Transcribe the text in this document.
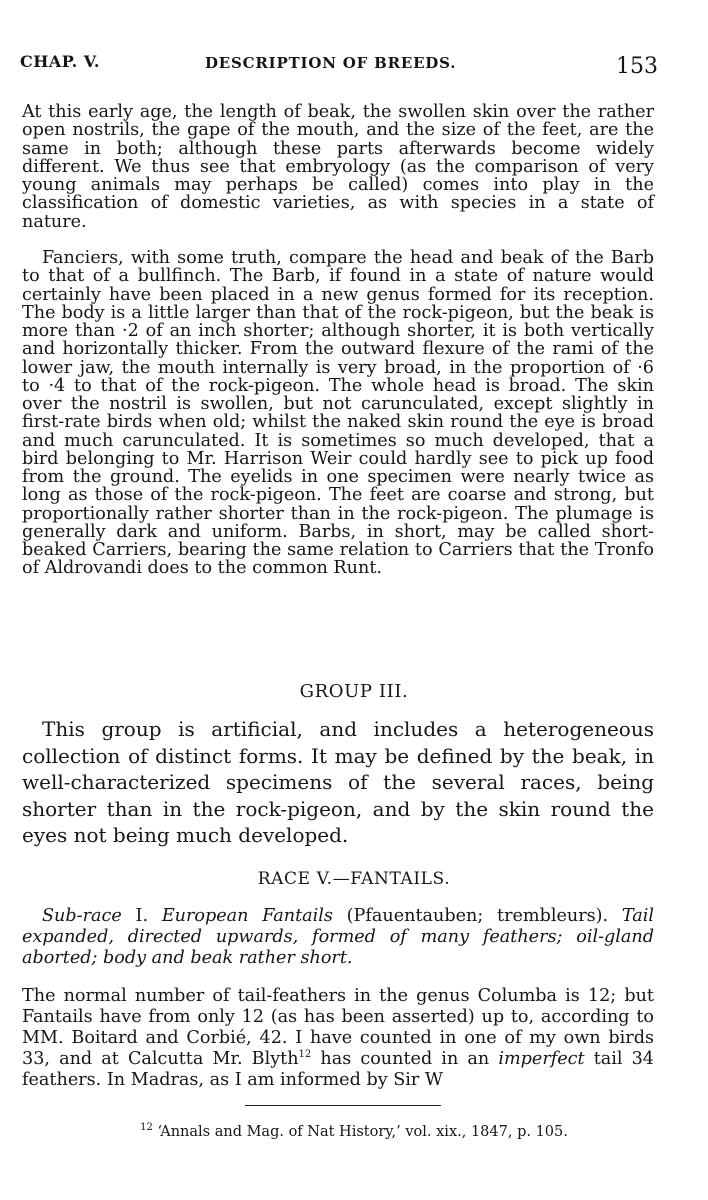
CHAP. V.	DESCRIPTION OF BREEDS.	153

At this early age, the length of beak, the swollen skin over the rather open nostrils, the gape of the mouth, and the size of the feet, are the same in both; although these parts afterwards become widely different. We thus see that embryology (as the comparison of very young animals may perhaps be called) comes into play in the classification of domestic varieties, as with species in a state of nature.

Fanciers, with some truth, compare the head and beak of the Barb to that of a bullfinch. The Barb, if found in a state of nature would certainly have been placed in a new genus formed for its reception. The body is a little larger than that of the rock-pigeon, but the beak is more than ·2 of an inch shorter; although shorter, it is both vertically and horizontally thicker. From the outward flexure of the rami of the lower jaw, the mouth internally is very broad, in the proportion of ·6 to ·4 to that of the rock-pigeon. The whole head is broad. The skin over the nostril is swollen, but not carunculated, except slightly in first-rate birds when old; whilst the naked skin round the eye is broad and much carunculated. It is sometimes so much developed, that a bird belonging to Mr. Harrison Weir could hardly see to pick up food from the ground. The eyelids in one specimen were nearly twice as long as those of the rock-pigeon. The feet are coarse and strong, but proportionally rather shorter than in the rock-pigeon. The plumage is generally dark and uniform. Barbs, in short, may be called short-beaked Carriers, bearing the same relation to Carriers that the Tronfo of Aldrovandi does to the common Runt.

GROUP III.

This group is artificial, and includes a heterogeneous collection of distinct forms. It may be defined by the beak, in well-characterized specimens of the several races, being shorter than in the rock-pigeon, and by the skin round the eyes not being much developed.

RACE V.—FANTAILS.

Sub-race I. European Fantails (Pfauentauben; trembleurs). Tail expanded, directed upwards, formed of many feathers; oil-gland aborted; body and beak rather short.

The normal number of tail-feathers in the genus Columba is 12; but Fantails have from only 12 (as has been asserted) up to, according to MM. Boitard and Corbié, 42. I have counted in one of my own birds 33, and at Calcutta Mr. Blyth$^{12}$ has counted in an imperfect tail 34 feathers. In Madras, as I am informed by Sir W

$^{12}$ ‘Annals and Mag. of Nat History,’ vol. xix., 1847, p. 105.
